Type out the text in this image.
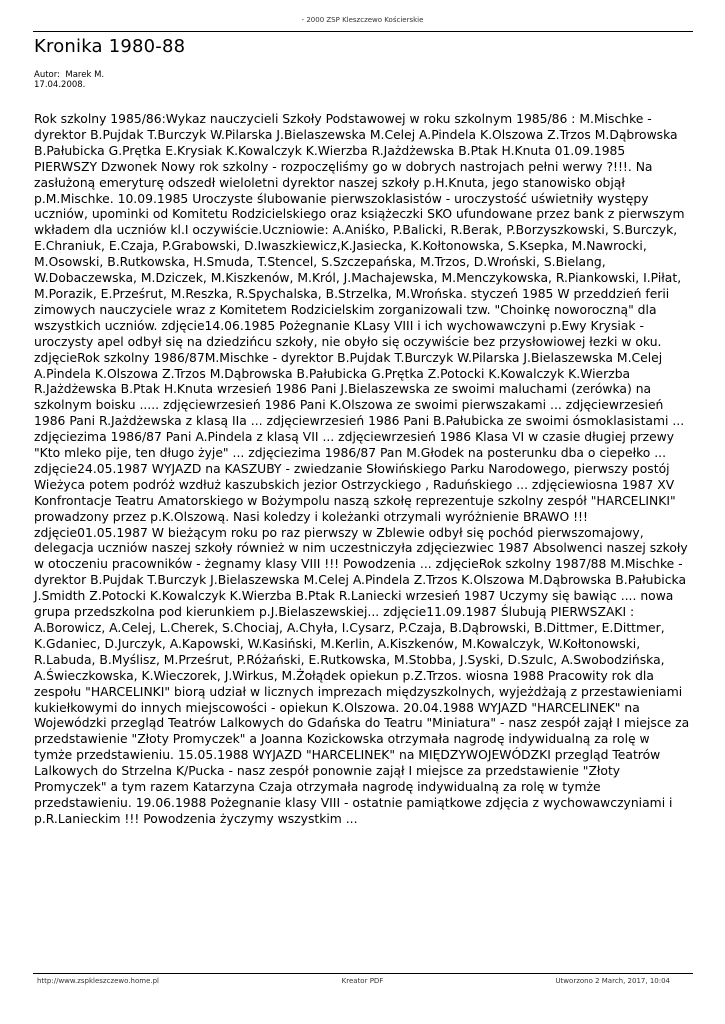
- 2000 ZSP Kleszczewo Kościerskie
Kronika 1980-88
Autor: Marek M.
17.04.2008.

Rok szkolny 1985/86:Wykaz nauczycieli Szkoły Podstawowej w roku szkolnym 1985/86 : M.Mischke - dyrektor B.Pujdak T.Burczyk W.Pilarska J.Bielaszewska M.Celej A.Pindela K.Olszowa Z.Trzos M.Dąbrowska B.Pałubicka G.Prętka E.Krysiak K.Kowalczyk K.Wierzba R.Jażdżewska B.Ptak H.Knuta 01.09.1985 PIERWSZY Dzwonek Nowy rok szkolny - rozpoczęliśmy go w dobrych nastrojach pełni werwy ?!!!. Na zasłużoną emeryturę odszedł wieloletni dyrektor naszej szkoły p.H.Knuta, jego stanowisko objął p.M.Mischke. 10.09.1985 Uroczyste ślubowanie pierwszoklasistów - uroczystość uświetniły występy uczniów, upominki od Komitetu Rodzicielskiego oraz książeczki SKO ufundowane przez bank z pierwszym wkładem dla uczniów kl.I oczywiście.Uczniowie: A.Aniśko, P.Balicki, R.Berak, P.Borzyszkowski, S.Burczyk, E.Chraniuk, E.Czaja, P.Grabowski, D.Iwaszkiewicz,K.Jasiecka, K.Kołtonowska, S.Ksepka, M.Nawrocki, M.Osowski, B.Rutkowska, H.Smuda, T.Stencel, S.Szczepańska, M.Trzos, D.Wroński, S.Bielang, W.Dobaczewska, M.Dziczek, M.Kiszkenów, M.Król, J.Machajewska, M.Menczykowska, R.Piankowski, I.Piłat, M.Porazik, E.Prześrut, M.Reszka, R.Spychalska, B.Strzelka, M.Wrońska. styczeń 1985 W przeddzień ferii zimowych nauczyciele wraz z Komitetem Rodzicielskim zorganizowali tzw. "Choinkę noworoczną" dla wszystkich uczniów. zdjęcie14.06.1985 Pożegnanie KLasy VIII i ich wychowawczyni p.Ewy Krysiak - uroczysty apel odbył się na dziedzińcu szkoły, nie obyło się oczywiście bez przysłowiowej łezki w oku. zdjęcieRok szkolny 1986/87M.Mischke - dyrektor B.Pujdak T.Burczyk W.Pilarska J.Bielaszewska M.Celej A.Pindela K.Olszowa Z.Trzos M.Dąbrowska B.Pałubicka G.Prętka Z.Potocki K.Kowalczyk K.Wierzba R.Jażdżewska B.Ptak H.Knuta wrzesień 1986 Pani J.Bielaszewska ze swoimi maluchami (zerówka) na szkolnym boisku ..... zdjęciewrzesień 1986 Pani K.Olszowa ze swoimi pierwszakami ... zdjęciewrzesień 1986 Pani R.Jażdżewska z klasą IIa ... zdjęciewrzesień 1986 Pani B.Pałubicka ze swoimi ósmoklasistami ... zdjęciezima 1986/87 Pani A.Pindela z klasą VII ... zdjęciewrzesień 1986 Klasa VI w czasie długiej przewy "Kto mleko pije, ten długo żyje" ... zdjęciezima 1986/87 Pan M.Głodek na posterunku dba o ciepełko ... zdjęcie24.05.1987 WYJAZD na KASZUBY - zwiedzanie Słowińskiego Parku Narodowego, pierwszy postój Wieżyca potem podróż wzdłuż kaszubskich jezior Ostrzyckiego , Raduńskiego ... zdjęciewiosna 1987 XV Konfrontacje Teatru Amatorskiego w Bożympolu naszą szkołę reprezentuje szkolny zespół "HARCELINKI" prowadzony przez p.K.Olszową. Nasi koledzy i koleżanki otrzymali wyróżnienie BRAWO !!! zdjęcie01.05.1987 W bieżącym roku po raz pierwszy w Zblewie odbył się pochód pierwszomajowy, delegacja uczniów naszej szkoły również w nim uczestniczyła zdjęciezwiec 1987 Absolwenci naszej szkoły w otoczeniu pracowników - żegnamy klasy VIII !!! Powodzenia ... zdjęcieRok szkolny 1987/88 M.Mischke - dyrektor B.Pujdak T.Burczyk J.Bielaszewska M.Celej A.Pindela Z.Trzos K.Olszowa M.Dąbrowska B.Pałubicka J.Smidth Z.Potocki K.Kowalczyk K.Wierzba B.Ptak R.Laniecki wrzesień 1987 Uczymy się bawiąc .... nowa grupa przedszkolna pod kierunkiem p.J.Bielaszewskiej... zdjęcie11.09.1987 Ślubują PIERWSZAKI : A.Borowicz, A.Celej, L.Cherek, S.Chociaj, A.Chyła, I.Cysarz, P.Czaja, B.Dąbrowski, B.Dittmer, E.Dittmer, K.Gdaniec, D.Jurczyk, A.Kapowski, W.Kasiński, M.Kerlin, A.Kiszkenów, M.Kowalczyk, W.Kołtonowski, R.Labuda, B.Myślisz, M.Prześrut, P.Różański, E.Rutkowska, M.Stobba, J.Syski, D.Szulc, A.Swobodzińska, A.Świeczkowska, K.Wieczorek, J.Wirkus, M.Żołądek opiekun p.Z.Trzos. wiosna 1988 Pracowity rok dla zespołu "HARCELINKI" biorą udział w licznych imprezach międzyszkolnych, wyjeżdżają z przestawieniami kukiełkowymi do innych miejscowości - opiekun K.Olszowa. 20.04.1988 WYJAZD "HARCELINEK" na Wojewódzki przegląd Teatrów Lalkowych do Gdańska do Teatru "Miniatura" - nasz zespół zajął I miejsce za przedstawienie "Złoty Promyczek" a Joanna Kozickowska otrzymała nagrodę indywidualną za rolę w tymże przedstawieniu. 15.05.1988 WYJAZD "HARCELINEK" na MIĘDZYWOJEWÓDZKI przegląd Teatrów Lalkowych do Strzelna K/Pucka - nasz zespół ponownie zajął I miejsce za przedstawienie "Złoty Promyczek" a tym razem Katarzyna Czaja otrzymała nagrodę indywidualną za rolę w tymże przedstawieniu. 19.06.1988 Pożegnanie klasy VIII - ostatnie pamiątkowe zdjęcia z wychowawczyniami i p.R.Lanieckim !!! Powodzenia życzymy wszystkim ...

http://www.zspkleszczewo.home.pl	Kreator PDF	Utworzono 2 March, 2017, 10:04
